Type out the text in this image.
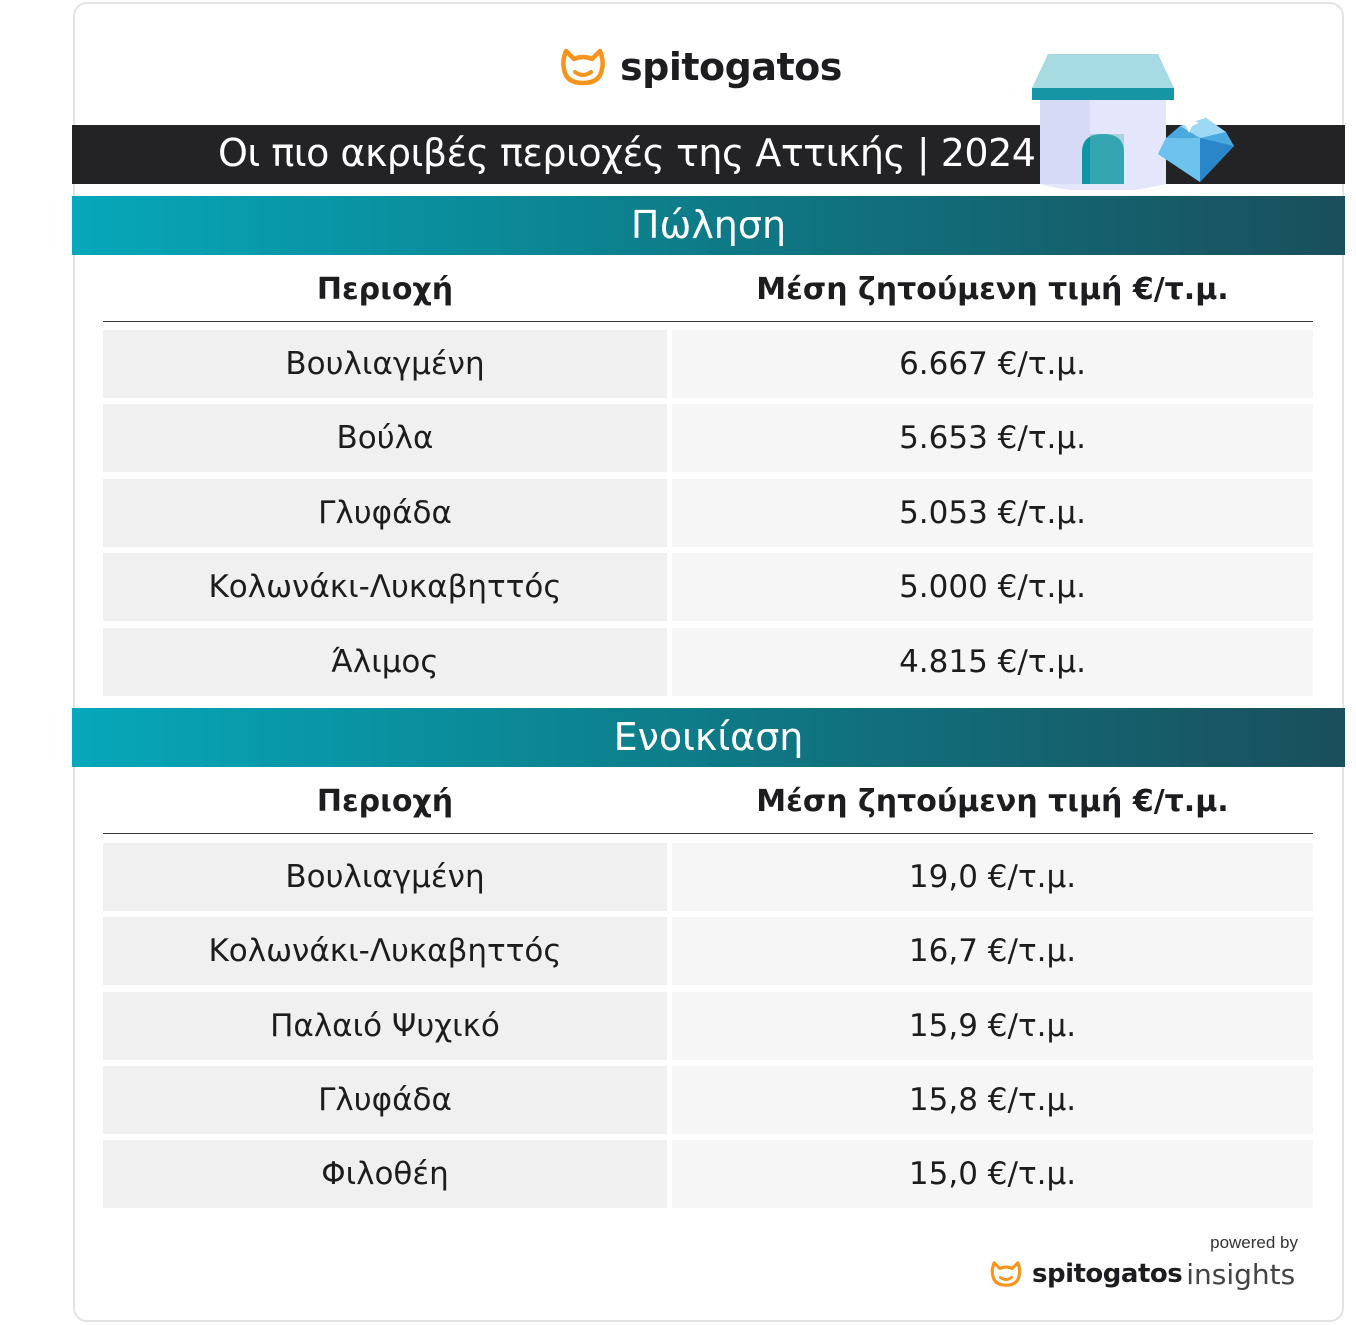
spitogatos
Οι πιο ακριβές περιοχές της Αττικής | 2024
Πώληση
Περιοχή	Μέση ζητούμενη τιμή €/τ.μ.
Βουλιαγμένη	6.667 €/τ.μ.
Βούλα	5.653 €/τ.μ.
Γλυφάδα	5.053 €/τ.μ.
Κολωνάκι-Λυκαβηττός	5.000 €/τ.μ.
Άλιμος	4.815 €/τ.μ.
Ενοικίαση
Περιοχή	Μέση ζητούμενη τιμή €/τ.μ.
Βουλιαγμένη	19,0 €/τ.μ.
Κολωνάκι-Λυκαβηττός	16,7 €/τ.μ.
Παλαιό Ψυχικό	15,9 €/τ.μ.
Γλυφάδα	15,8 €/τ.μ.
Φιλοθέη	15,0 €/τ.μ.
powered by
spitogatos insights
